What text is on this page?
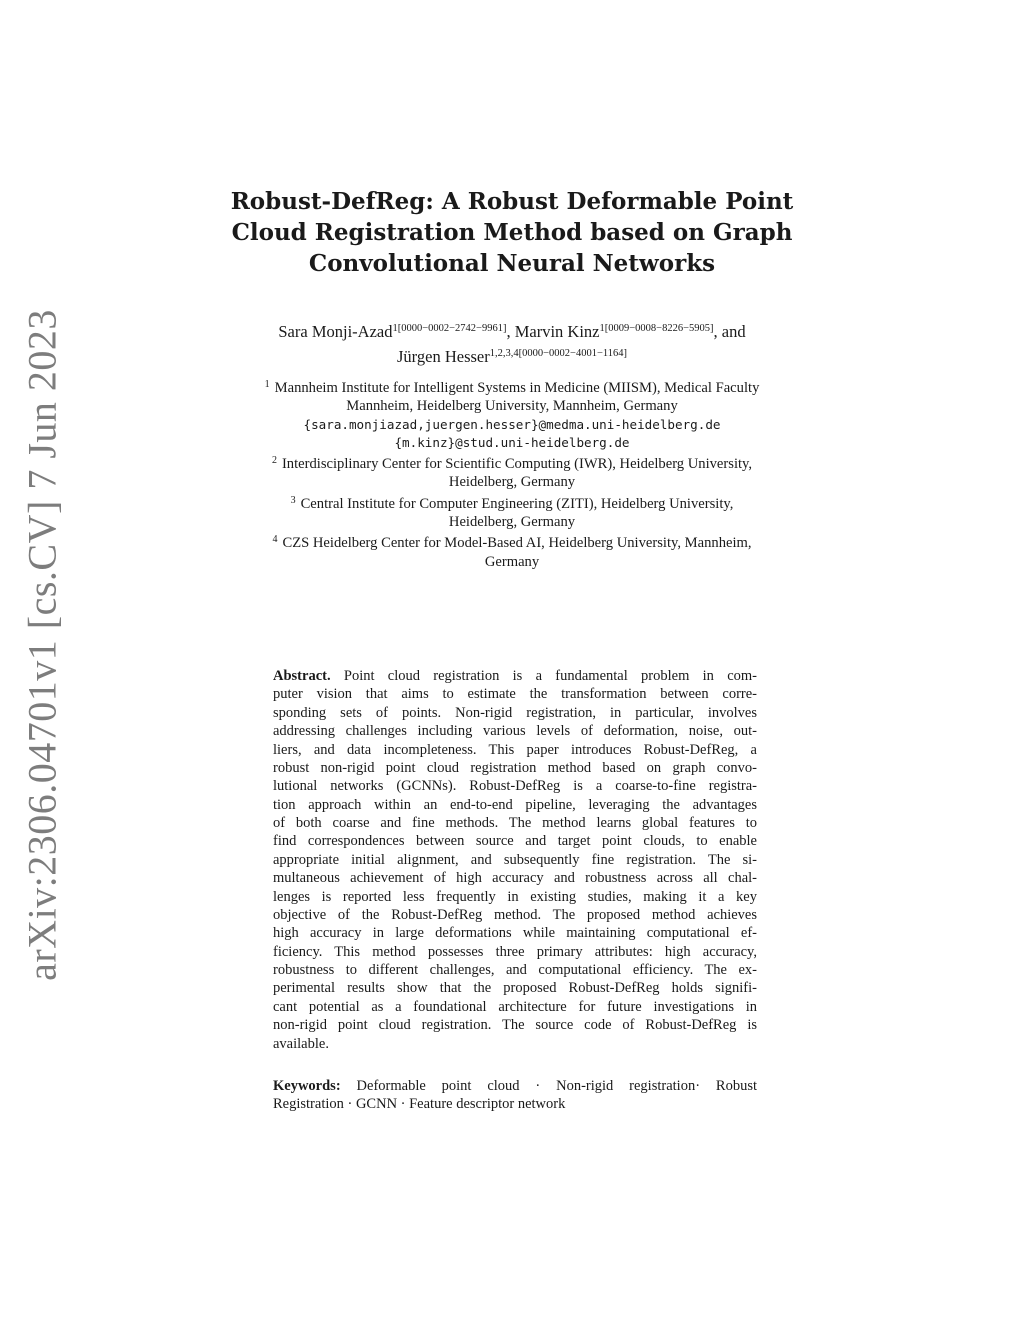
arXiv:2306.04701v1 [cs.CV] 7 Jun 2023
Robust-DefReg: A Robust Deformable Point
Cloud Registration Method based on Graph
Convolutional Neural Networks
Sara Monji-Azad$^{1[0000-0002-2742-9961]}$, Marvin Kinz$^{1[0009-0008-8226-5905]}$, and
Jürgen Hesser$^{1,2,3,4[0000-0002-4001-1164]}$
$^1$ Mannheim Institute for Intelligent Systems in Medicine (MIISM), Medical Faculty
Mannheim, Heidelberg University, Mannheim, Germany
{sara.monjiazad,juergen.hesser}@medma.uni-heidelberg.de
{m.kinz}@stud.uni-heidelberg.de
$^2$ Interdisciplinary Center for Scientific Computing (IWR), Heidelberg University,
Heidelberg, Germany
$^3$ Central Institute for Computer Engineering (ZITI), Heidelberg University,
Heidelberg, Germany
$^4$ CZS Heidelberg Center for Model-Based AI, Heidelberg University, Mannheim,
Germany
Abstract. Point cloud registration is a fundamental problem in com-
puter vision that aims to estimate the transformation between corre-
sponding sets of points. Non-rigid registration, in particular, involves
addressing challenges including various levels of deformation, noise, out-
liers, and data incompleteness. This paper introduces Robust-DefReg, a
robust non-rigid point cloud registration method based on graph convo-
lutional networks (GCNNs). Robust-DefReg is a coarse-to-fine registra-
tion approach within an end-to-end pipeline, leveraging the advantages
of both coarse and fine methods. The method learns global features to
find correspondences between source and target point clouds, to enable
appropriate initial alignment, and subsequently fine registration. The si-
multaneous achievement of high accuracy and robustness across all chal-
lenges is reported less frequently in existing studies, making it a key
objective of the Robust-DefReg method. The proposed method achieves
high accuracy in large deformations while maintaining computational ef-
ficiency. This method possesses three primary attributes: high accuracy,
robustness to different challenges, and computational efficiency. The ex-
perimental results show that the proposed Robust-DefReg holds signifi-
cant potential as a foundational architecture for future investigations in
non-rigid point cloud registration. The source code of Robust-DefReg is
available.
Keywords: Deformable point cloud · Non-rigid registration· Robust
Registration · GCNN · Feature descriptor network
